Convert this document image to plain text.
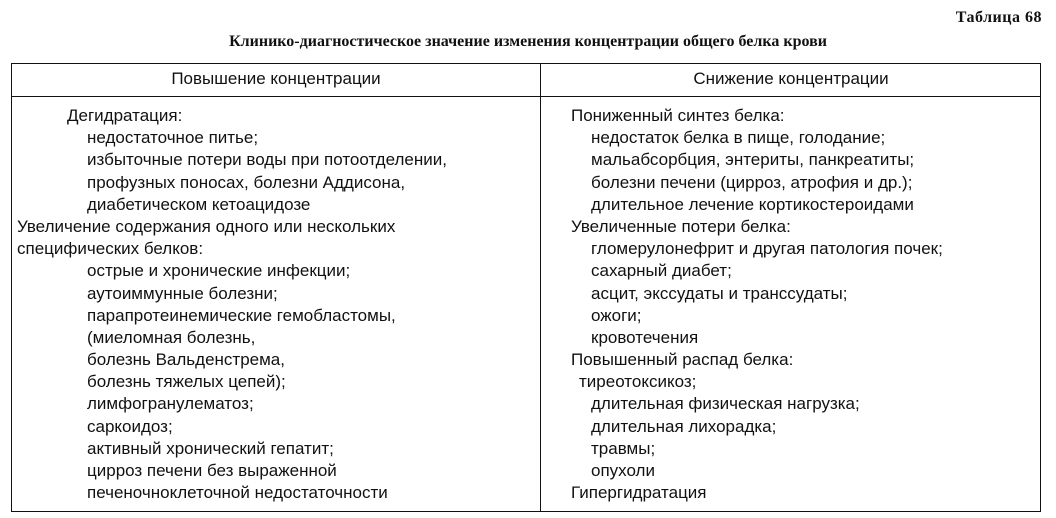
Таблица 68
Клинико-диагностическое значение изменения концентрации общего белка крови
Повышение концентрации	Снижение концентрации
Дегидратация:
недостаточное питье;
избыточные потери воды при потоотделении,
профузных поносах, болезни Аддисона,
диабетическом кетоацидозе
Увеличение содержания одного или нескольких
специфических белков:
острые и хронические инфекции;
аутоиммунные болезни;
парапротеинемические гемобластомы,
(миеломная болезнь,
болезнь Вальденстрема,
болезнь тяжелых цепей);
лимфогранулематоз;
саркоидоз;
активный хронический гепатит;
цирроз печени без выраженной
печеночноклеточной недостаточности
Пониженный синтез белка:
недостаток белка в пище, голодание;
мальабсорбция, энтериты, панкреатиты;
болезни печени (цирроз, атрофия и др.);
длительное лечение кортикостероидами
Увеличенные потери белка:
гломерулонефрит и другая патология почек;
сахарный диабет;
асцит, экссудаты и транссудаты;
ожоги;
кровотечения
Повышенный распад белка:
тиреотоксикоз;
длительная физическая нагрузка;
длительная лихорадка;
травмы;
опухоли
Гипергидратация
